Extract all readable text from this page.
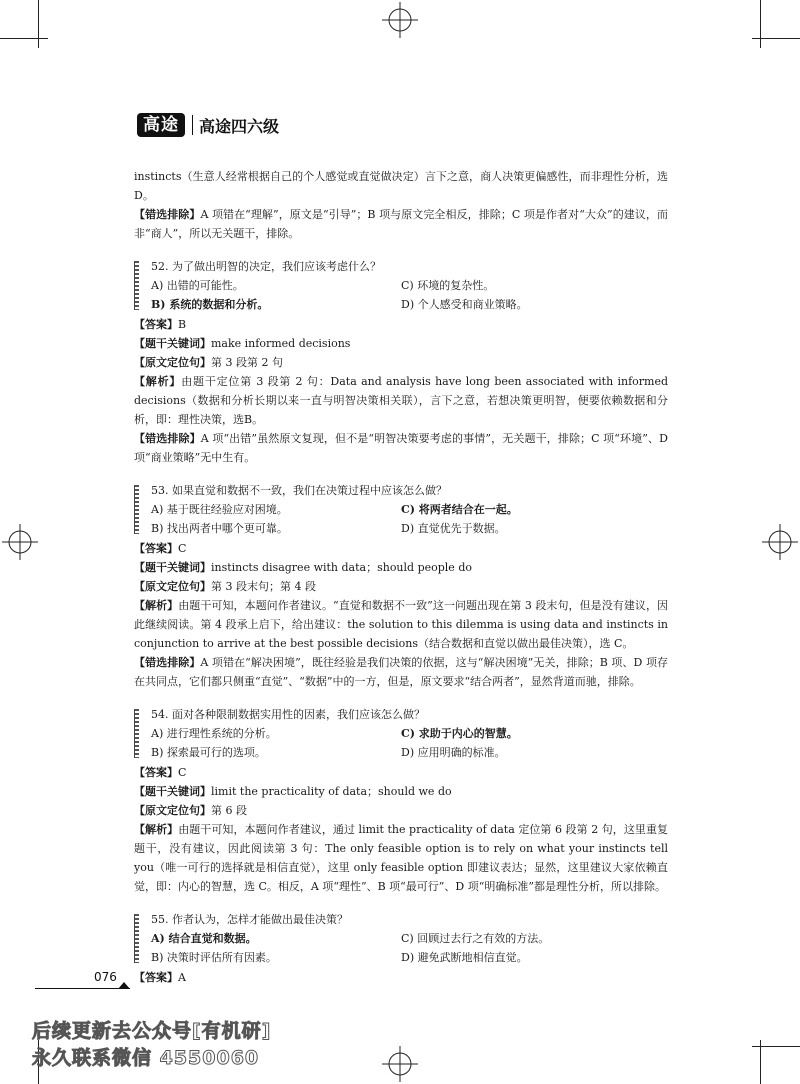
高途	高途四六级

instincts（生意人经常根据自己的个人感觉或直觉做决定）言下之意，商人决策更偏感性，而非理性分析，选D。

【错选排除】A 项错在“理解”，原文是“引导”；B 项与原文完全相反，排除；C 项是作者对“大众”的建议，而非“商人”，所以无关题干，排除。

52. 为了做出明智的决定，我们应该考虑什么？

A) 出错的可能性。	C) 环境的复杂性。

B) 系统的数据和分析。	D) 个人感受和商业策略。

【答案】B

【题干关键词】make informed decisions

【原文定位句】第 3 段第 2 句

【解析】由题干定位第 3 段第 2 句：Data and analysis have long been associated with informed decisions（数据和分析长期以来一直与明智决策相关联），言下之意，若想决策更明智，便要依赖数据和分析，即：理性决策，选B。

【错选排除】A 项“出错”虽然原文复现，但不是“明智决策要考虑的事情”，无关题干，排除；C 项“环境”、D 项“商业策略”无中生有。

53. 如果直觉和数据不一致，我们在决策过程中应该怎么做？

A) 基于既往经验应对困境。	C) 将两者结合在一起。

B) 找出两者中哪个更可靠。	D) 直觉优先于数据。

【答案】C

【题干关键词】instincts disagree with data；should people do

【原文定位句】第 3 段末句；第 4 段

【解析】由题干可知，本题问作者建议。“直觉和数据不一致”这一问题出现在第 3 段末句，但是没有建议，因此继续阅读。第 4 段承上启下，给出建议：the solution to this dilemma is using data and instincts in conjunction to arrive at the best possible decisions（结合数据和直觉以做出最佳决策），选 C。

【错选排除】A 项错在“解决困境”，既往经验是我们决策的依据，这与“解决困境”无关，排除；B 项、D 项存在共同点，它们都只侧重“直觉”、“数据”中的一方，但是，原文要求“结合两者”，显然背道而驰，排除。

54. 面对各种限制数据实用性的因素，我们应该怎么做？

A) 进行理性系统的分析。	C) 求助于内心的智慧。

B) 探索最可行的选项。	D) 应用明确的标准。

【答案】C

【题干关键词】limit the practicality of data；should we do

【原文定位句】第 6 段

【解析】由题干可知，本题问作者建议，通过 limit the practicality of data 定位第 6 段第 2 句，这里重复题干，没有建议，因此阅读第 3 句：The only feasible option is to rely on what your instincts tell you（唯一可行的选择就是相信直觉），这里 only feasible option 即建议表达；显然，这里建议大家依赖直觉，即：内心的智慧，选 C。相反，A 项“理性”、B 项“最可行”、D 项“明确标准”都是理性分析，所以排除。

55. 作者认为，怎样才能做出最佳决策？

A) 结合直觉和数据。	C) 回顾过去行之有效的方法。

B) 决策时评估所有因素。	D) 避免武断地相信直觉。

【答案】A

076
后续更新去公众号[有机研]
永久联系微信 4550060
